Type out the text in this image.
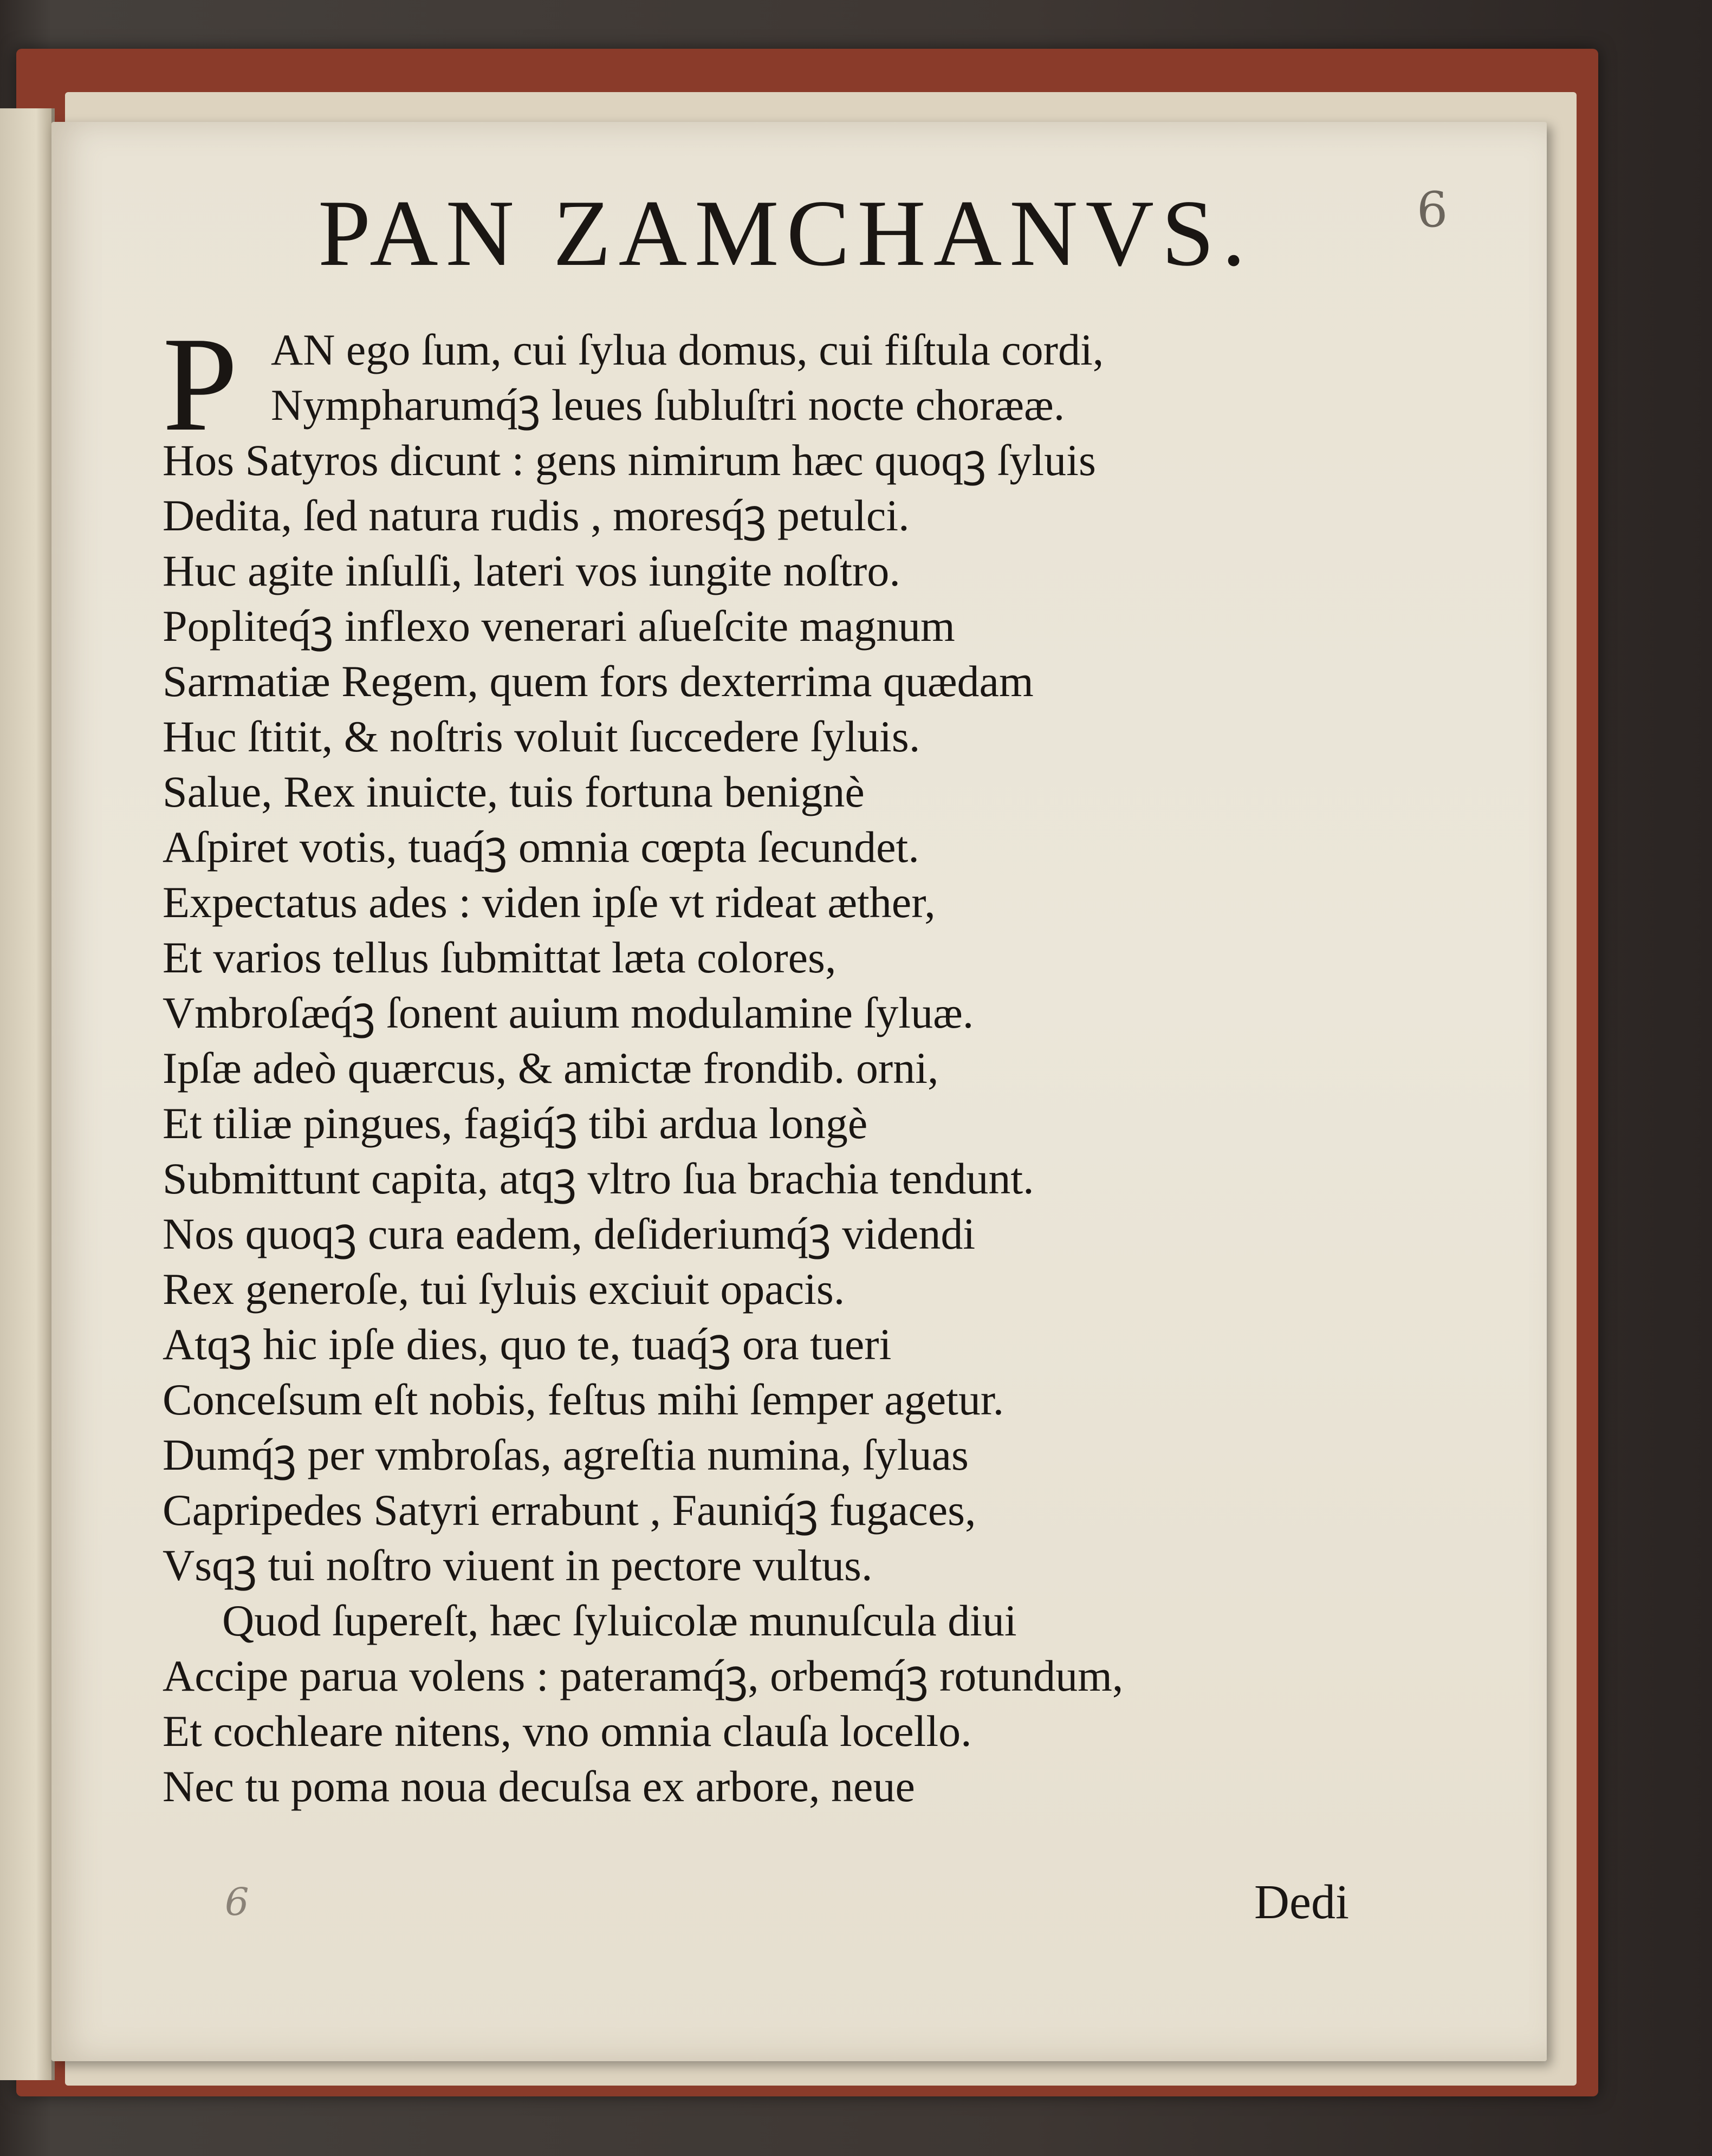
PAN ZAMCHANVS.	6
P AN ego ſum, cui ſylua domus, cui fiſtula cordi,
Nympharumq́ꝫ leues ſubluſtri nocte chorææ.
Hos Satyros dicunt : gens nimirum hæc quoqꝫ ſyluis
Dedita, ſed natura rudis , moresq́ꝫ petulci.
Huc agite inſulſi, lateri vos iungite noſtro.
Popliteq́ꝫ inflexo venerari aſueſcite magnum
Sarmatiæ Regem, quem fors dexterrima quædam
Huc ſtitit, & noſtris voluit ſuccedere ſyluis.
Salue, Rex inuicte, tuis fortuna benignè
Aſpiret votis, tuaq́ꝫ omnia cœpta ſecundet.
Expectatus ades : viden ipſe vt rideat æther,
Et varios tellus ſubmittat læta colores,
Vmbroſæq́ꝫ ſonent auium modulamine ſyluæ.
Ipſæ adeò quærcus, & amictæ frondib. orni,
Et tiliæ pingues, fagiq́ꝫ tibi ardua longè
Submittunt capita, atqꝫ vltro ſua brachia tendunt.
Nos quoqꝫ cura eadem, deſideriumq́ꝫ videndi
Rex generoſe, tui ſyluis exciuit opacis.
Atqꝫ hic ipſe dies, quo te, tuaq́ꝫ ora tueri
Conceſsum eſt nobis, feſtus mihi ſemper agetur.
Dumq́ꝫ per vmbroſas, agreſtia numina, ſyluas
Capripedes Satyri errabunt , Fauniq́ꝫ fugaces,
Vsqꝫ tui noſtro viuent in pectore vultus.
Quod ſupereſt, hæc ſyluicolæ munuſcula diui
Accipe parua volens : pateramq́ꝫ, orbemq́ꝫ rotundum,
Et cochleare nitens, vno omnia clauſa locello.
Nec tu poma noua decuſsa ex arbore, neue
6	Dedi
